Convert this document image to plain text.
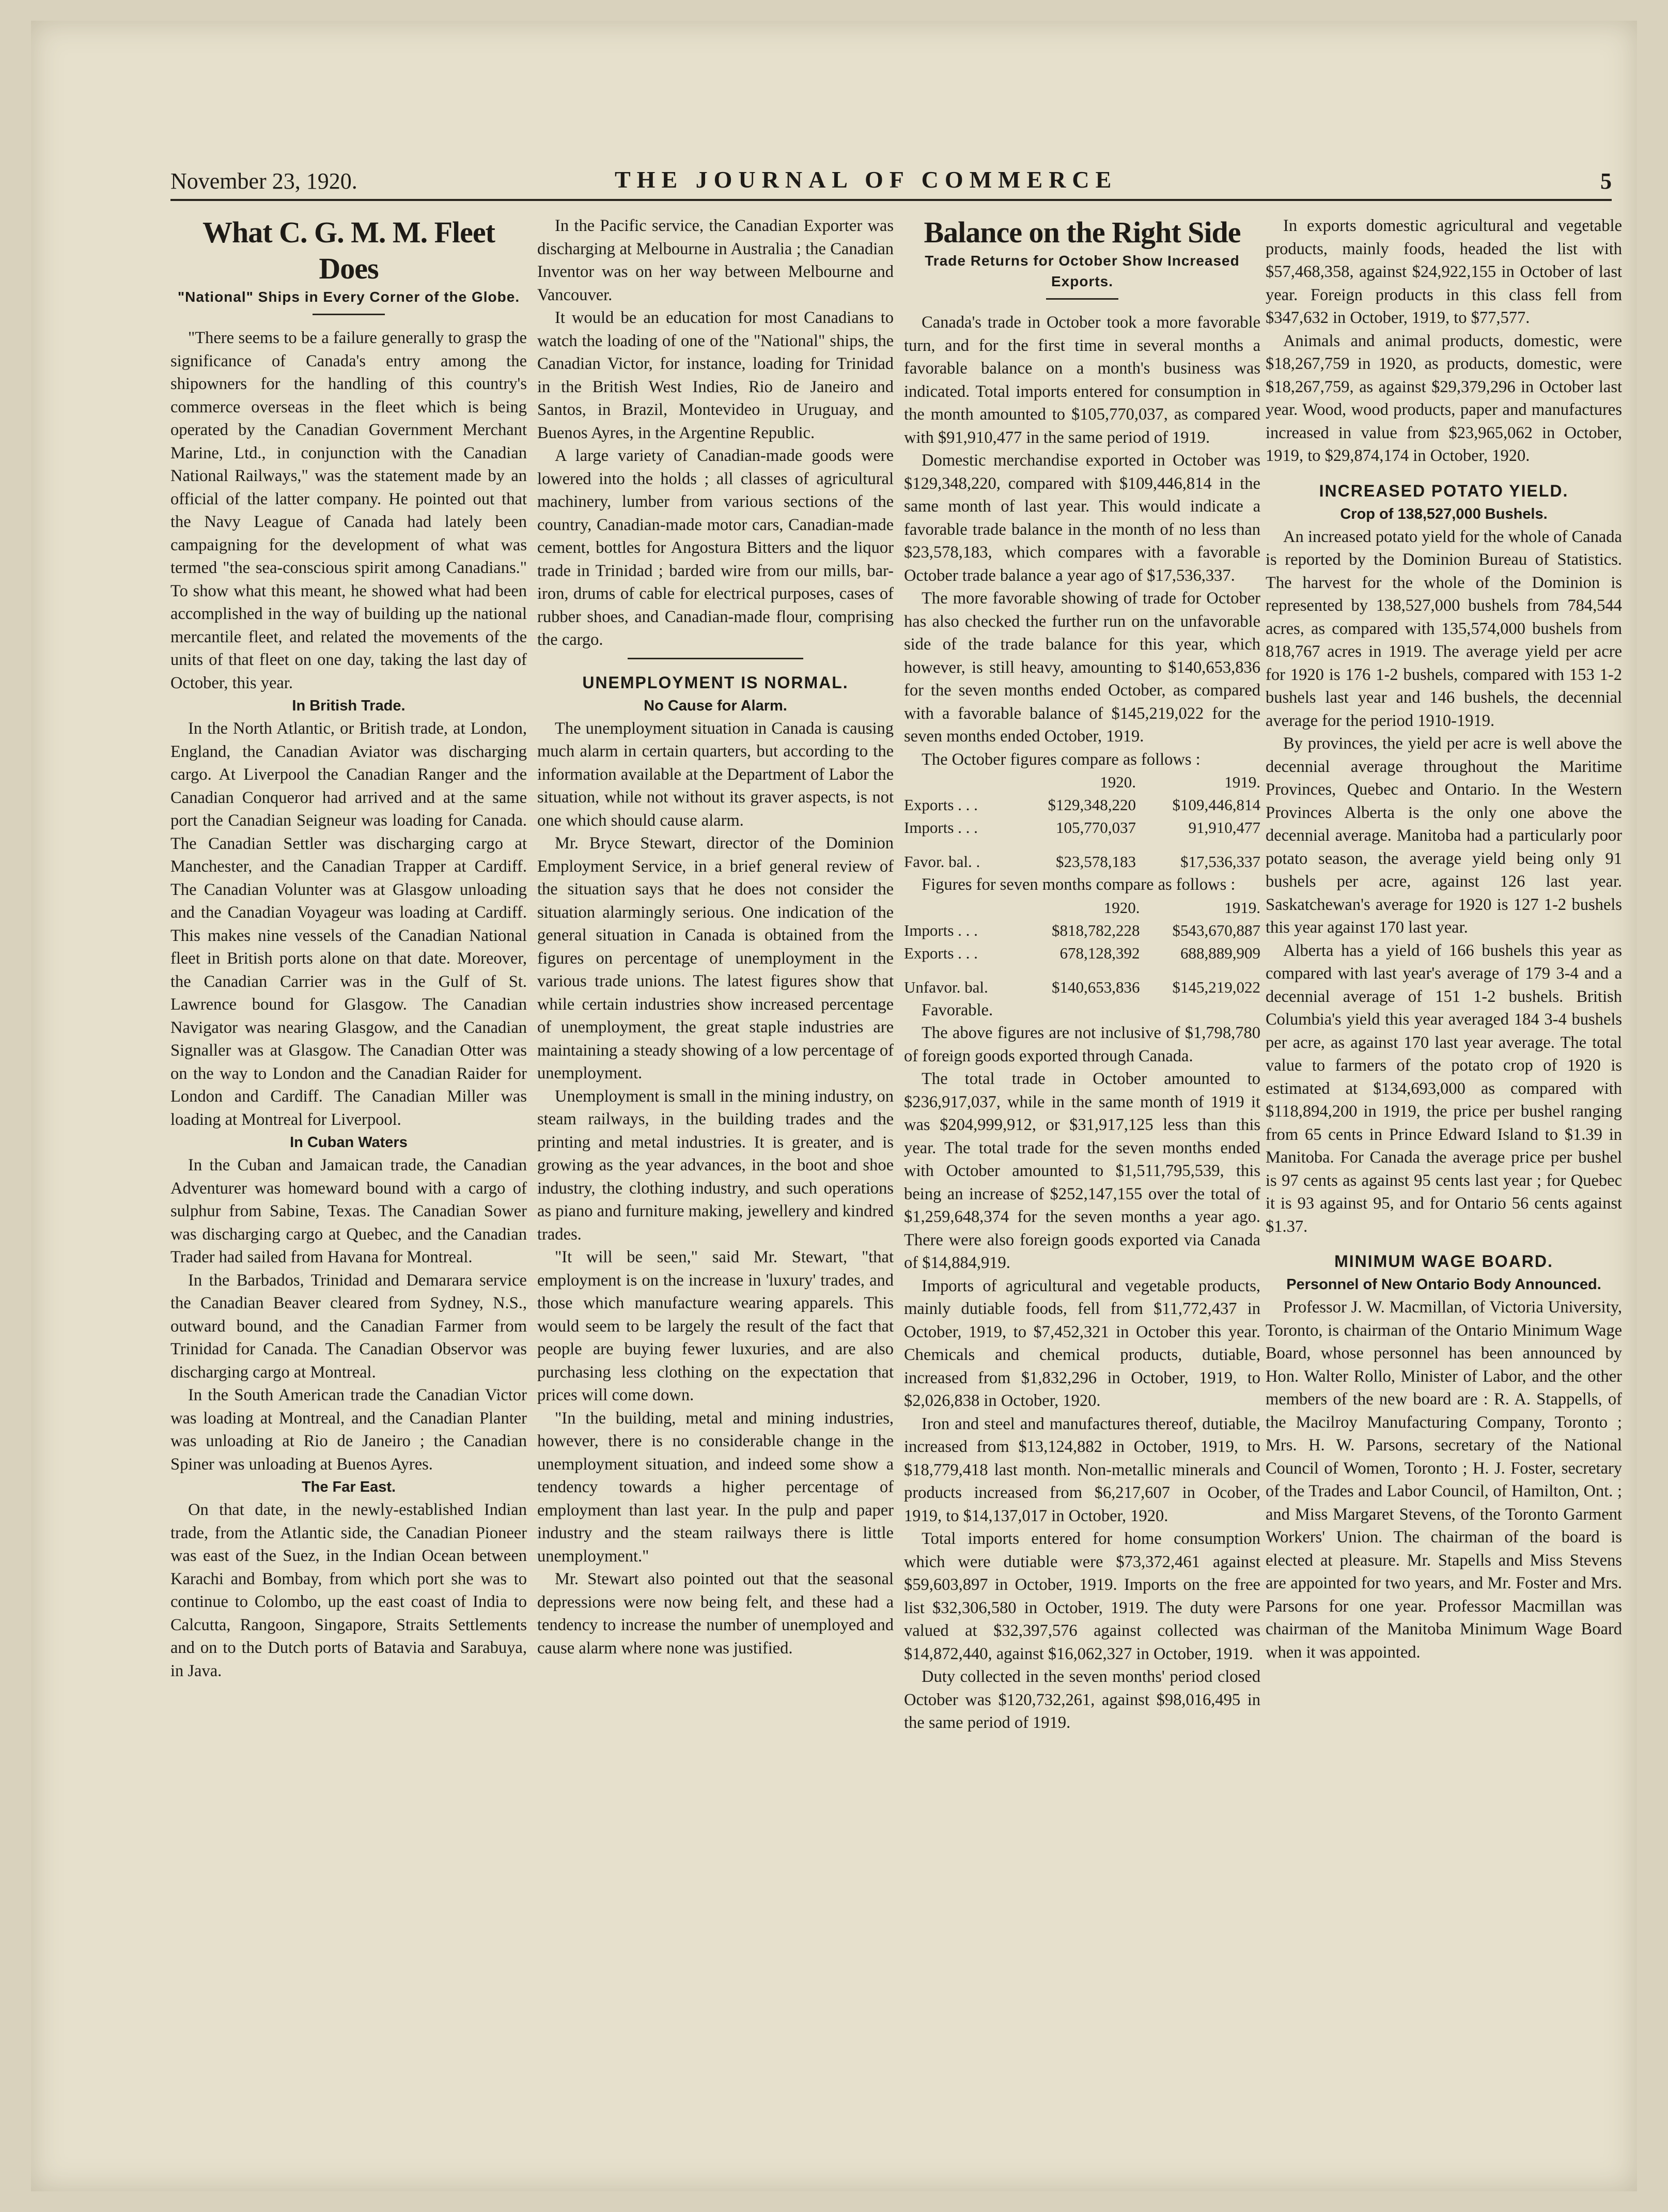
November 23, 1920.	THE JOURNAL OF COMMERCE	5
What C. G. M. M. Fleet Does

"National" Ships in Every Corner of the Globe.

"There seems to be a failure generally to grasp the significance of Canada's entry among the shipowners for the handling of this country's commerce overseas in the fleet which is being operated by the Canadian Government Merchant Marine, Ltd., in conjunction with the Canadian National Railways," was the statement made by an official of the latter company. He pointed out that the Navy League of Canada had lately been campaigning for the development of what was termed "the sea-conscious spirit among Canadians." To show what this meant, he showed what had been accomplished in the way of building up the national mercantile fleet, and related the movements of the units of that fleet on one day, taking the last day of October, this year.

In British Trade.

In the North Atlantic, or British trade, at London, England, the Canadian Aviator was discharging cargo. At Liverpool the Canadian Ranger and the Canadian Conqueror had arrived and at the same port the Canadian Seigneur was loading for Canada. The Canadian Settler was discharging cargo at Manchester, and the Canadian Trapper at Cardiff. The Canadian Volunter was at Glasgow unloading and the Canadian Voyageur was loading at Cardiff. This makes nine vessels of the Canadian National fleet in British ports alone on that date. Moreover, the Canadian Carrier was in the Gulf of St. Lawrence bound for Glasgow. The Canadian Navigator was nearing Glasgow, and the Canadian Signaller was at Glasgow. The Canadian Otter was on the way to London and the Canadian Raider for London and Cardiff. The Canadian Miller was loading at Montreal for Liverpool.

In Cuban Waters

In the Cuban and Jamaican trade, the Canadian Adventurer was homeward bound with a cargo of sulphur from Sabine, Texas. The Canadian Sower was discharging cargo at Quebec, and the Canadian Trader had sailed from Havana for Montreal.

In the Barbados, Trinidad and Demarara service the Canadian Beaver cleared from Sydney, N.S., outward bound, and the Canadian Farmer from Trinidad for Canada. The Canadian Observor was discharging cargo at Montreal.

In the South American trade the Canadian Victor was loading at Montreal, and the Canadian Planter was unloading at Rio de Janeiro ; the Canadian Spiner was unloading at Buenos Ayres.

The Far East.

On that date, in the newly-established Indian trade, from the Atlantic side, the Canadian Pioneer was east of the Suez, in the Indian Ocean between Karachi and Bombay, from which port she was to continue to Colombo, up the east coast of India to Calcutta, Rangoon, Singapore, Straits Settlements and on to the Dutch ports of Batavia and Sarabuya, in Java.

In the Pacific service, the Canadian Exporter was discharging at Melbourne in Australia ; the Canadian Inventor was on her way between Melbourne and Vancouver.

It would be an education for most Canadians to watch the loading of one of the "National" ships, the Canadian Victor, for instance, loading for Trinidad in the British West Indies, Rio de Janeiro and Santos, in Brazil, Montevideo in Uruguay, and Buenos Ayres, in the Argentine Republic.

A large variety of Canadian-made goods were lowered into the holds ; all classes of agricultural machinery, lumber from various sections of the country, Canadian-made motor cars, Canadian-made cement, bottles for Angostura Bitters and the liquor trade in Trinidad ; barded wire from our mills, bar-iron, drums of cable for electrical purposes, cases of rubber shoes, and Canadian-made flour, comprising the cargo.

UNEMPLOYMENT IS NORMAL.

No Cause for Alarm.

The unemployment situation in Canada is causing much alarm in certain quarters, but according to the information available at the Department of Labor the situation, while not without its graver aspects, is not one which should cause alarm.

Mr. Bryce Stewart, director of the Dominion Employment Service, in a brief general review of the situation says that he does not consider the situation alarmingly serious. One indication of the general situation in Canada is obtained from the figures on percentage of unemployment in the various trade unions. The latest figures show that while certain industries show increased percentage of unemployment, the great staple industries are maintaining a steady showing of a low percentage of unemployment.

Unemployment is small in the mining industry, on steam railways, in the building trades and the printing and metal industries. It is greater, and is growing as the year advances, in the boot and shoe industry, the clothing industry, and such operations as piano and furniture making, jewellery and kindred trades.

"It will be seen," said Mr. Stewart, "that employment is on the increase in 'luxury' trades, and those which manufacture wearing apparels. This would seem to be largely the result of the fact that people are buying fewer luxuries, and are also purchasing less clothing on the expectation that prices will come down.

"In the building, metal and mining industries, however, there is no considerable change in the unemployment situation, and indeed some show a tendency towards a higher percentage of employment than last year. In the pulp and paper industry and the steam railways there is little unemployment."

Mr. Stewart also pointed out that the seasonal depressions were now being felt, and these had a tendency to increase the number of unemployed and cause alarm where none was justified.

Balance on the Right Side

Trade Returns for October Show Increased Exports.

Canada's trade in October took a more favorable turn, and for the first time in several months a favorable balance on a month's business was indicated. Total imports entered for consumption in the month amounted to $105,770,037, as compared with $91,910,477 in the same period of 1919.

Domestic merchandise exported in October was $129,348,220, compared with $109,446,814 in the same month of last year. This would indicate a favorable trade balance in the month of no less than $23,578,183, which compares with a favorable October trade balance a year ago of $17,536,337.

The more favorable showing of trade for October has also checked the further run on the unfavorable side of the trade balance for this year, which however, is still heavy, amounting to $140,653,836 for the seven months ended October, as compared with a favorable balance of $145,219,022 for the seven months ended October, 1919.

The October figures compare as follows :

	1920.	1919.
Exports . . .	$129,348,220	$109,446,814
Imports . . .	105,770,037	91,910,477

Favor. bal. .	$23,578,183	$17,536,337

Figures for seven months compare as follows :

	1920.	1919.
Imports . . .	$818,782,228	$543,670,887
Exports . . .	678,128,392	688,889,909

Unfavor. bal.	$140,653,836	$145,219,022

Favorable.

The above figures are not inclusive of $1,798,780 of foreign goods exported through Canada.

The total trade in October amounted to $236,917,037, while in the same month of 1919 it was $204,999,912, or $31,917,125 less than this year. The total trade for the seven months ended with October amounted to $1,511,795,539, this being an increase of $252,147,155 over the total of $1,259,648,374 for the seven months a year ago. There were also foreign goods exported via Canada of $14,884,919.

Imports of agricultural and vegetable products, mainly dutiable foods, fell from $11,772,437 in October, 1919, to $7,452,321 in October this year. Chemicals and chemical products, dutiable, increased from $1,832,296 in October, 1919, to $2,026,838 in October, 1920.

Iron and steel and manufactures thereof, dutiable, increased from $13,124,882 in October, 1919, to $18,779,418 last month. Non-metallic minerals and products increased from $6,217,607 in Ocober, 1919, to $14,137,017 in October, 1920.

Total imports entered for home consumption which were dutiable were $73,372,461 against $59,603,897 in October, 1919. Imports on the free list $32,306,580 in October, 1919. The duty were valued at $32,397,576 against collected was $14,872,440, against $16,062,327 in October, 1919.

Duty collected in the seven months' period closed October was $120,732,261, against $98,016,495 in the same period of 1919.

In exports domestic agricultural and vegetable products, mainly foods, headed the list with $57,468,358, against $24,922,155 in October of last year. Foreign products in this class fell from $347,632 in October, 1919, to $77,577.

Animals and animal products, domestic, were $18,267,759 in 1920, as products, domestic, were $18,267,759, as against $29,379,296 in October last year. Wood, wood products, paper and manufactures increased in value from $23,965,062 in October, 1919, to $29,874,174 in October, 1920.

INCREASED POTATO YIELD.

Crop of 138,527,000 Bushels.

An increased potato yield for the whole of Canada is reported by the Dominion Bureau of Statistics. The harvest for the whole of the Dominion is represented by 138,527,000 bushels from 784,544 acres, as compared with 135,574,000 bushels from 818,767 acres in 1919. The average yield per acre for 1920 is 176 1-2 bushels, compared with 153 1-2 bushels last year and 146 bushels, the decennial average for the period 1910-1919.

By provinces, the yield per acre is well above the decennial average throughout the Maritime Provinces, Quebec and Ontario. In the Western Provinces Alberta is the only one above the decennial average. Manitoba had a particularly poor potato season, the average yield being only 91 bushels per acre, against 126 last year. Saskatchewan's average for 1920 is 127 1-2 bushels this year against 170 last year.

Alberta has a yield of 166 bushels this year as compared with last year's average of 179 3-4 and a decennial average of 151 1-2 bushels. British Columbia's yield this year averaged 184 3-4 bushels per acre, as against 170 last year average. The total value to farmers of the potato crop of 1920 is estimated at $134,693,000 as compared with $118,894,200 in 1919, the price per bushel ranging from 65 cents in Prince Edward Island to $1.39 in Manitoba. For Canada the average price per bushel is 97 cents as against 95 cents last year ; for Quebec it is 93 against 95, and for Ontario 56 cents against $1.37.

MINIMUM WAGE BOARD.

Personnel of New Ontario Body Announced.

Professor J. W. Macmillan, of Victoria University, Toronto, is chairman of the Ontario Minimum Wage Board, whose personnel has been announced by Hon. Walter Rollo, Minister of Labor, and the other members of the new board are : R. A. Stappells, of the Macilroy Manufacturing Company, Toronto ; Mrs. H. W. Parsons, secretary of the National Council of Women, Toronto ; H. J. Foster, secretary of the Trades and Labor Council, of Hamilton, Ont. ; and Miss Margaret Stevens, of the Toronto Garment Workers' Union. The chairman of the board is elected at pleasure. Mr. Stapells and Miss Stevens are appointed for two years, and Mr. Foster and Mrs. Parsons for one year. Professor Macmillan was chairman of the Manitoba Minimum Wage Board when it was appointed.
